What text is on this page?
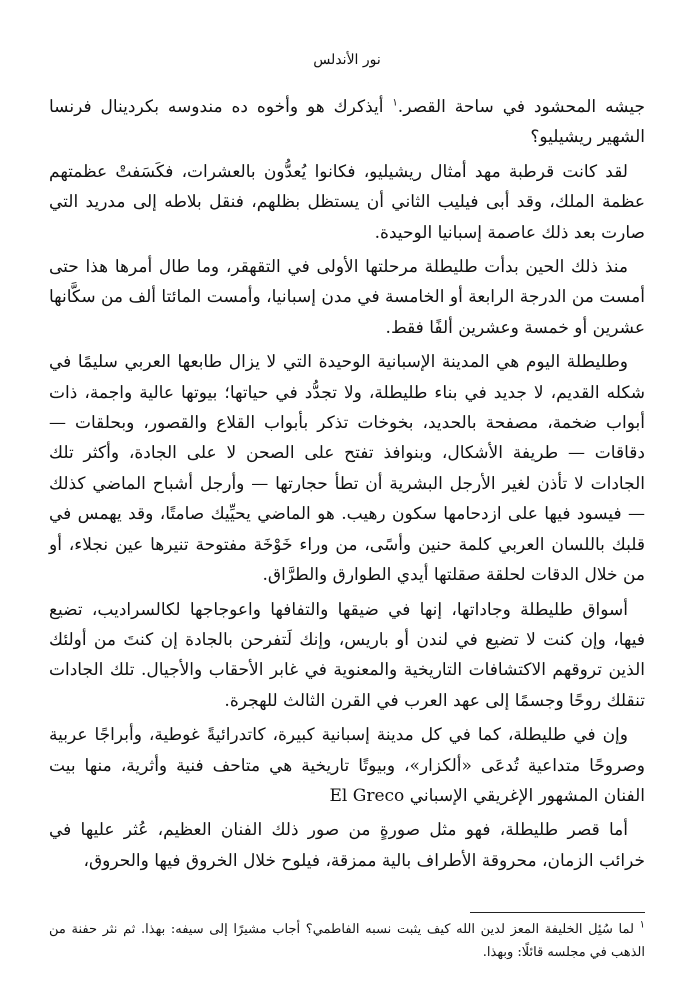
نور الأندلس

جيشه المحشود في ساحة القصر.$^١$ أيذكرك هو وأخوه ده مندوسه بكردينال فرنسا الشهير ريشيليو؟

لقد كانت قرطبة مهد أمثال ريشيليو، فكانوا يُعدُّون بالعشرات، فكَسَفتْ عظمتهم عظمة الملك، وقد أبى فيليب الثاني أن يستظل بظلهم، فنقل بلاطه إلى مدريد التي صارت بعد ذلك عاصمة إسبانيا الوحيدة.

منذ ذلك الحين بدأت طليطلة مرحلتها الأولى في التقهقر، وما طال أمرها هذا حتى أمست من الدرجة الرابعة أو الخامسة في مدن إسبانيا، وأمست المائتا ألف من سكَّانها عشرين أو خمسة وعشرين ألفًا فقط.

وطليطلة اليوم هي المدينة الإسبانية الوحيدة التي لا يزال طابعها العربي سليمًا في شكله القديم، لا جديد في بناء طليطلة، ولا تجدُّد في حياتها؛ بيوتها عالية واجمة، ذات أبواب ضخمة، مصفحة بالحديد، بخوخات تذكر بأبواب القلاع والقصور، وبحلقات — دقاقات — طريفة الأشكال، وبنوافذ تفتح على الصحن لا على الجادة، وأكثر تلك الجادات لا تأذن لغير الأرجل البشرية أن تطأ حجارتها — وأرجل أشباح الماضي كذلك — فيسود فيها على ازدحامها سكون رهيب. هو الماضي يحيِّيك صامتًا، وقد يهمس في قلبك باللسان العربي كلمة حنين وأسًى، من وراء خَوْخَة مفتوحة تنيرها عين نجلاء، أو من خلال الدقات لحلقة صقلتها أيدي الطوارق والطرَّاق.

أسواق طليطلة وجاداتها، إنها في ضيقها والتفافها واعوجاجها لكالسراديب، تضيع فيها، وإن كنت لا تضيع في لندن أو باريس، وإنك لَتفرحن بالجادة إن كنتَ من أولئك الذين تروقهم الاكتشافات التاريخية والمعنوية في غابر الأحقاب والأجيال. تلك الجادات تنقلك روحًا وجسمًا إلى عهد العرب في القرن الثالث للهجرة.

وإن في طليطلة، كما في كل مدينة إسبانية كبيرة، كاتدرائيةً غوطية، وأبراجًا عربية وصروحًا متداعية تُدعَى «ألكزار»، وبيوتًا تاريخية هي متاحف فنية وأثرية، منها بيت الفنان المشهور الإغريقي الإسباني El Greco

أما قصر طليطلة، فهو مثل صورةٍ من صور ذلك الفنان العظيم، عُثر عليها في خرائب الزمان، محروقة الأطراف بالية ممزقة، فيلوح خلال الخروق فيها والحروق،

$^١$ لما سُئِل الخليفة المعز لدين الله كيف يثبت نسبه الفاطمي؟ أجاب مشيرًا إلى سيفه: بهذا. ثم نثر حفنة من الذهب في مجلسه قائلًا: وبهذا.
